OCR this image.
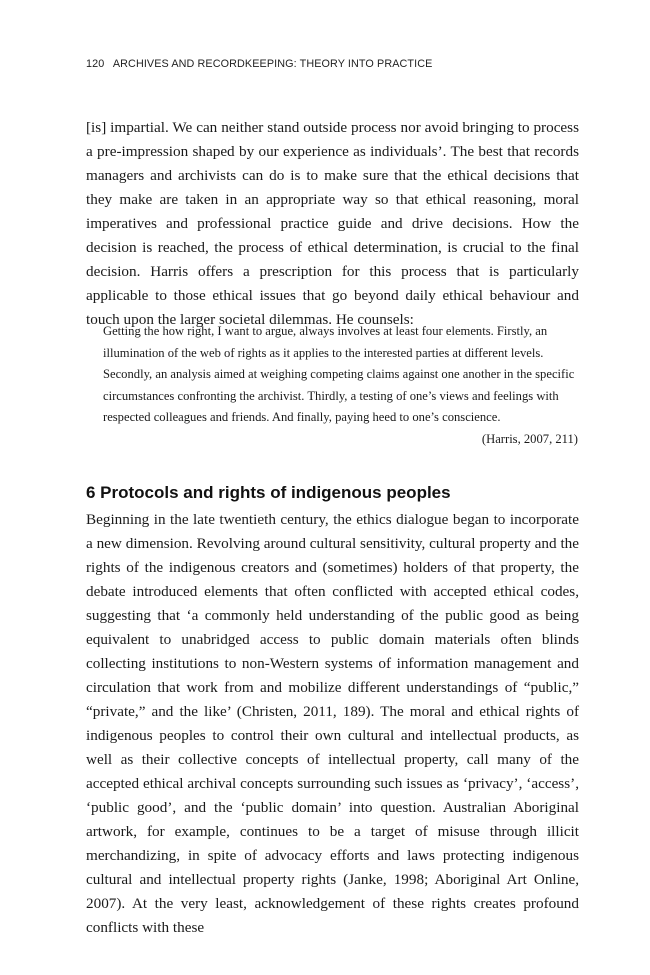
120 ARCHIVES AND RECORDKEEPING: THEORY INTO PRACTICE

[is] impartial. We can neither stand outside process nor avoid bringing to process a pre-impression shaped by our experience as individuals’. The best that records managers and archivists can do is to make sure that the ethical decisions that they make are taken in an appropriate way so that ethical reasoning, moral imperatives and professional practice guide and drive decisions. How the decision is reached, the process of ethical determination, is crucial to the final decision. Harris offers a prescription for this process that is particularly applicable to those ethical issues that go beyond daily ethical behaviour and touch upon the larger societal dilemmas. He counsels:

Getting the how right, I want to argue, always involves at least four elements. Firstly, an illumination of the web of rights as it applies to the interested parties at different levels. Secondly, an analysis aimed at weighing competing claims against one another in the specific circumstances confronting the archivist. Thirdly, a testing of one’s views and feelings with respected colleagues and friends. And finally, paying heed to one’s conscience.

(Harris, 2007, 211)

6 Protocols and rights of indigenous peoples

Beginning in the late twentieth century, the ethics dialogue began to incorporate a new dimension. Revolving around cultural sensitivity, cultural property and the rights of the indigenous creators and (sometimes) holders of that property, the debate introduced elements that often conflicted with accepted ethical codes, suggesting that ‘a commonly held understanding of the public good as being equivalent to unabridged access to public domain materials often blinds collecting institutions to non-Western systems of information management and circulation that work from and mobilize different understandings of “public,” “private,” and the like’ (Christen, 2011, 189). The moral and ethical rights of indigenous peoples to control their own cultural and intellectual products, as well as their collective concepts of intellectual property, call many of the accepted ethical archival concepts surrounding such issues as ‘privacy’, ‘access’, ‘public good’, and the ‘public domain’ into question. Australian Aboriginal artwork, for example, continues to be a target of misuse through illicit merchandizing, in spite of advocacy efforts and laws protecting indigenous cultural and intellectual property rights (Janke, 1998; Aboriginal Art Online, 2007). At the very least, acknowledgement of these rights creates profound conflicts with these
